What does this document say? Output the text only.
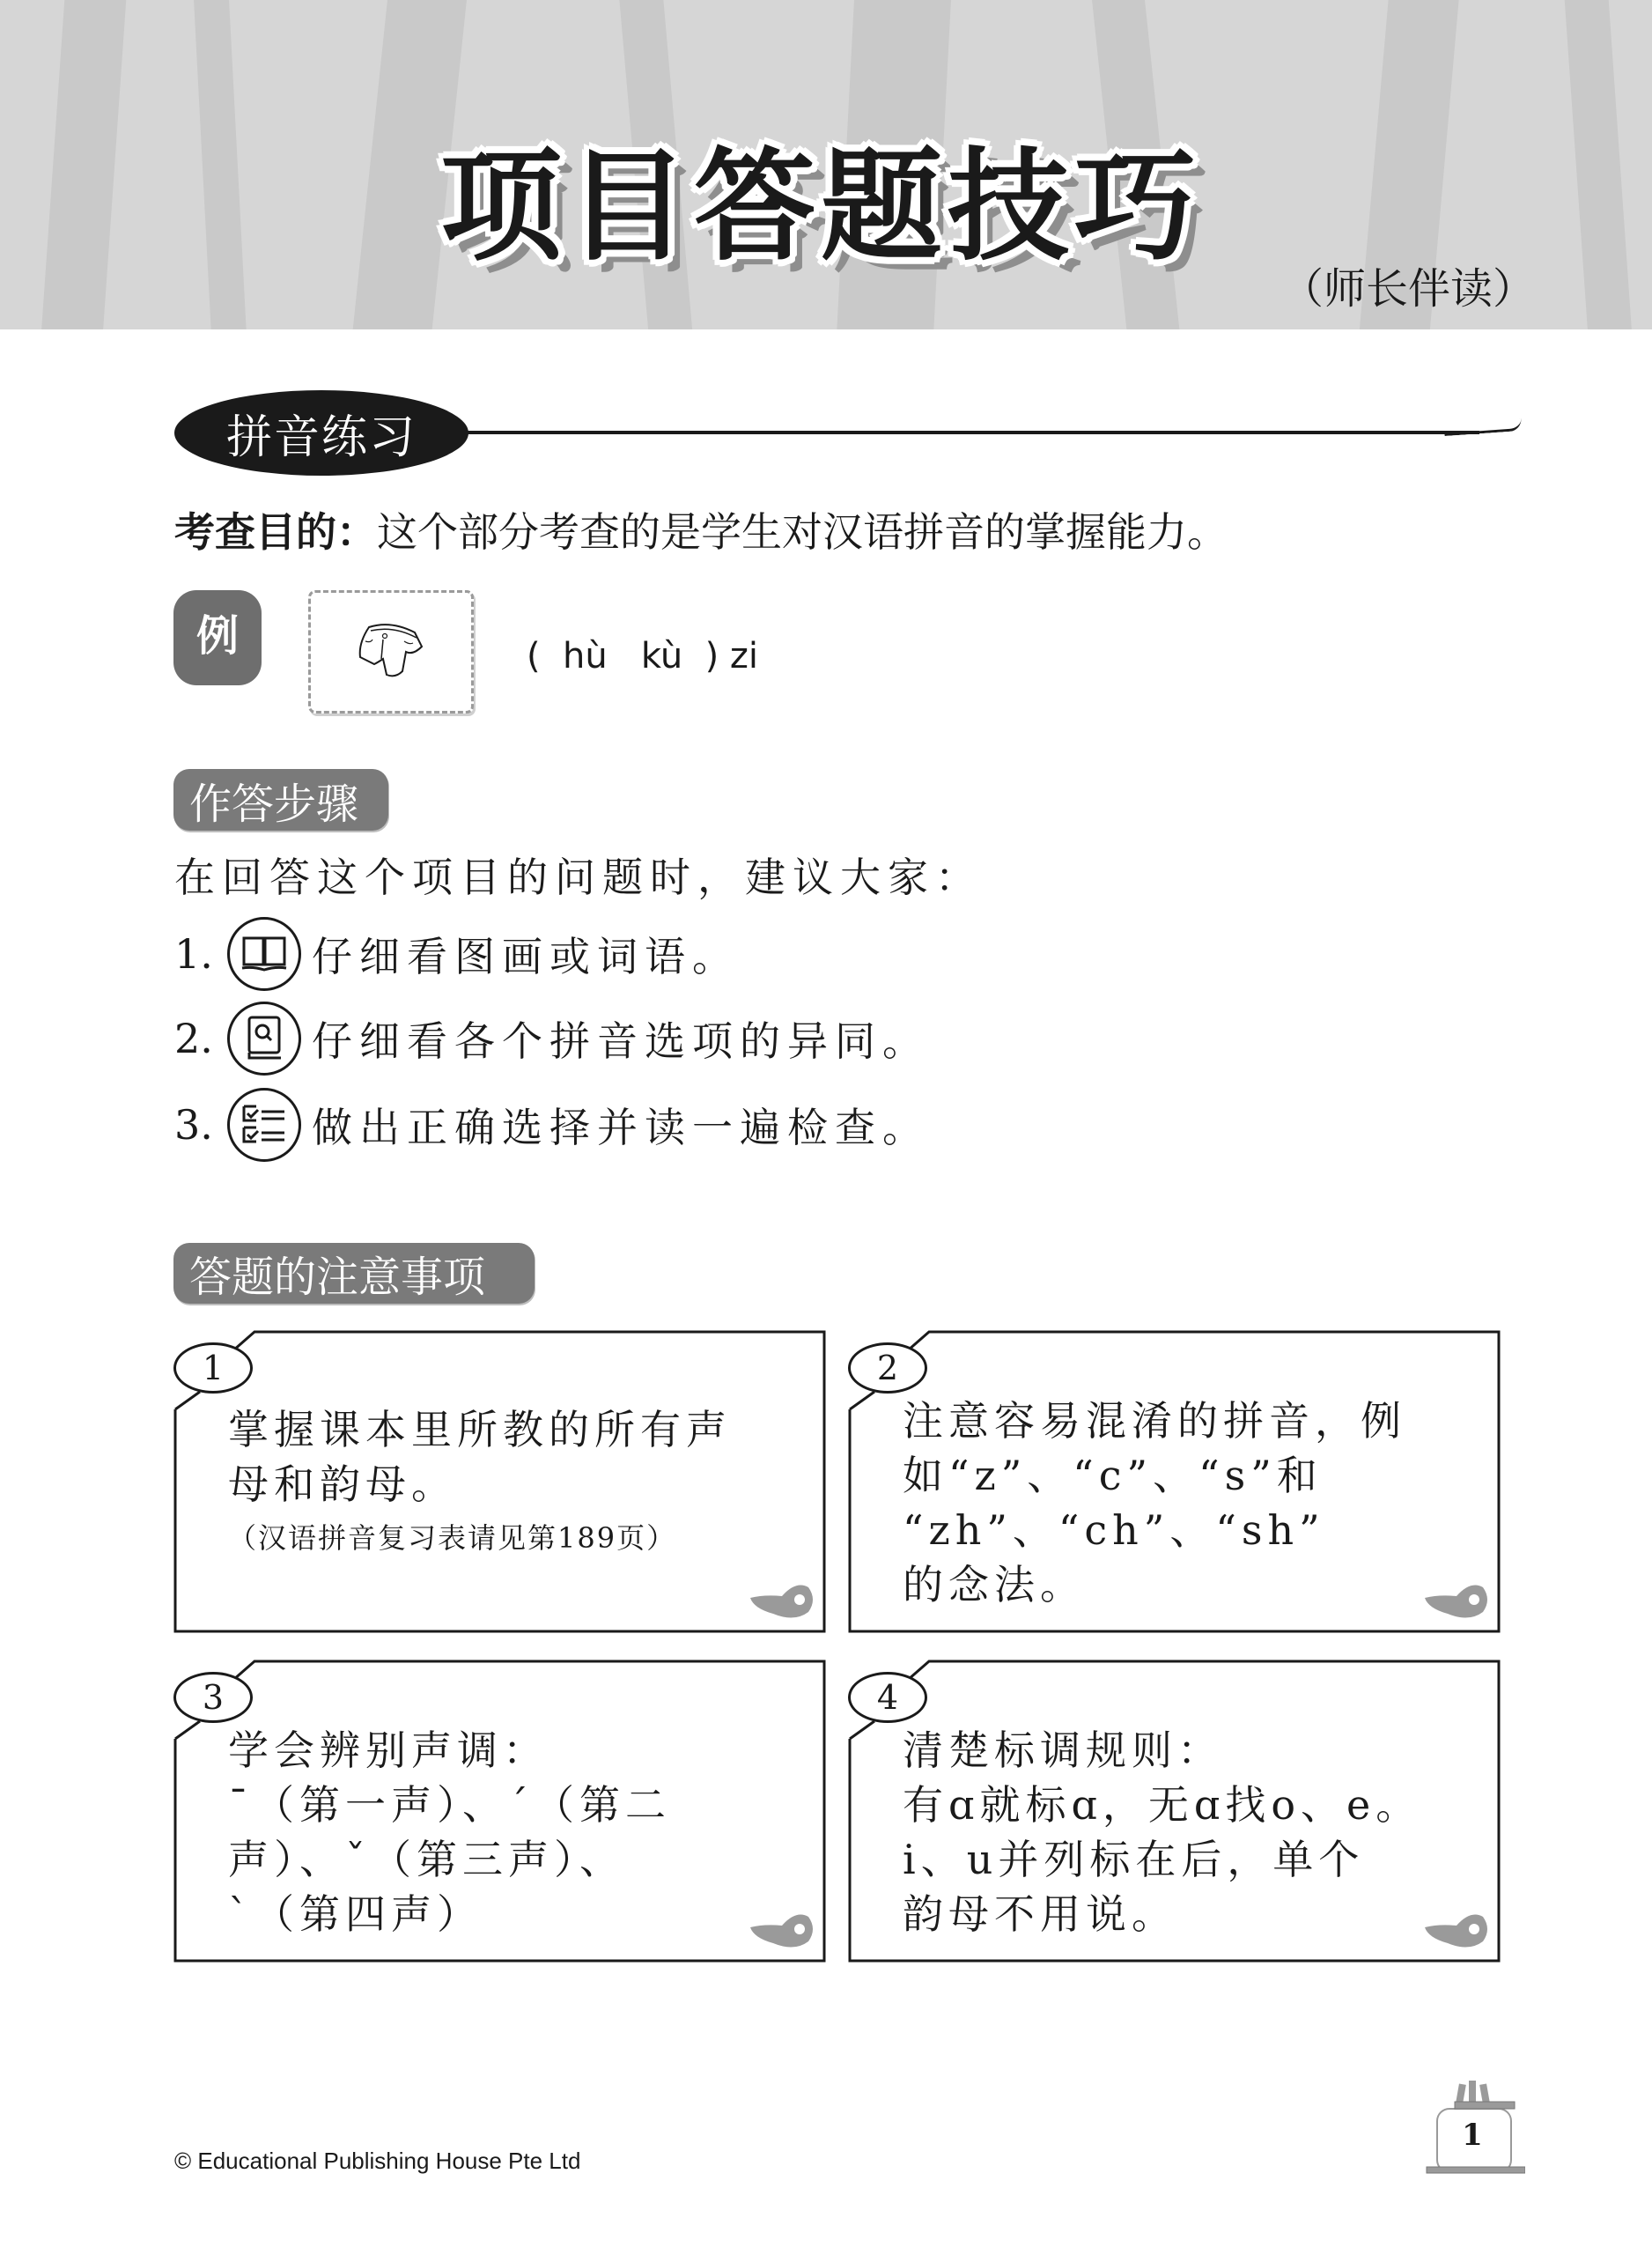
项目答题技巧
（师长伴读）
拼音练习
考查目的：这个部分考查的是学生对汉语拼音的掌握能力。
例	(  hù   kù  ) zi
作答步骤
在回答这个项目的问题时，建议大家：
1.	仔细看图画或词语。
2.	仔细看各个拼音选项的异同。
3.	做出正确选择并读一遍检查。
答题的注意事项
1
掌握课本里所教的所有声
母和韵母。
（汉语拼音复习表请见第189页）
2
注意容易混淆的拼音，例
如“z”、“c”、“s”和
“zh”、“ch”、“sh”
的念法。
3
学会辨别声调：
ˉ（第一声）、ˊ（第二
声）、ˇ（第三声）、
ˋ（第四声）
4
清楚标调规则：
有ɑ就标ɑ，无ɑ找o、e。
i、u并列标在后，单个
韵母不用说。
© Educational Publishing House Pte Ltd
1
